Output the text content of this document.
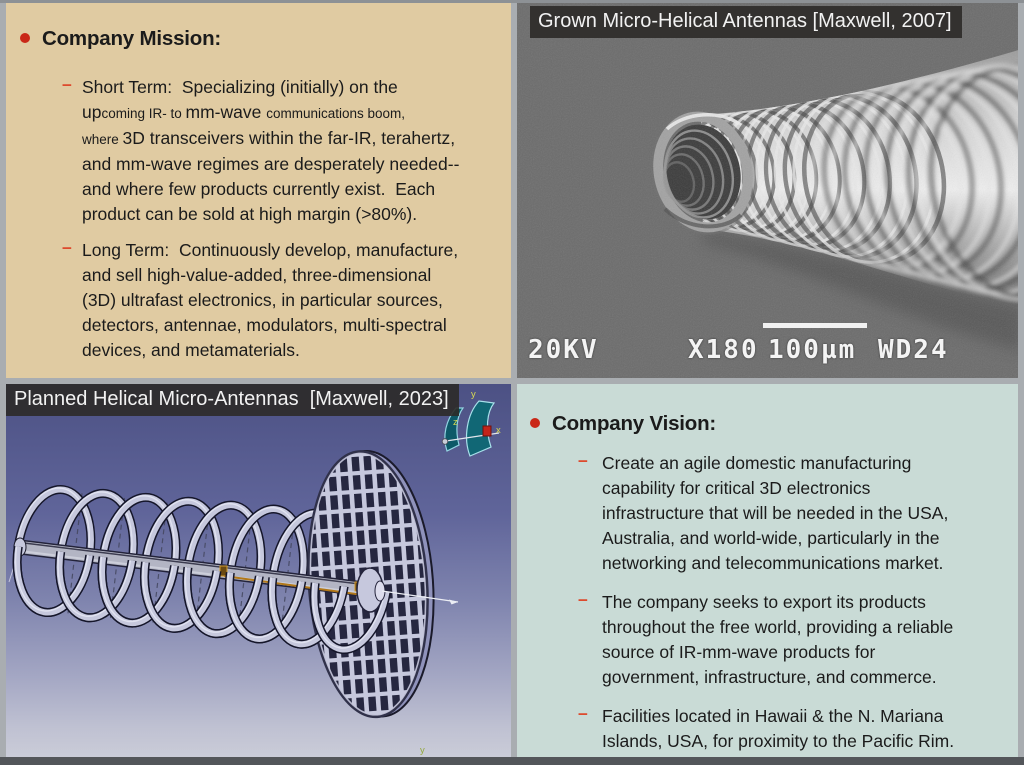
Company Mission:
– Short Term:  Specializing (initially) on the
upcoming IR- to mm-wave communications boom,
where 3D transceivers within the far-IR, terahertz,
and mm-wave regimes are desperately needed--
and where few products currently exist.  Each
product can be sold at high margin (>80%).
– Long Term:  Continuously develop, manufacture,
and sell high-value-added, three-dimensional
(3D) ultrafast electronics, in particular sources,
detectors, antennae, modulators, multi-spectral
devices, and metamaterials.
Grown Micro-Helical Antennas [Maxwell, 2007]
20KV	X180 100µm WD24
y
z
x
y
Planned Helical Micro-Antennas  [Maxwell, 2023]
Company Vision:
– Create an agile domestic manufacturing
capability for critical 3D electronics
infrastructure that will be needed in the USA,
Australia, and world-wide, particularly in the
networking and telecommunications market.
– The company seeks to export its products
throughout the free world, providing a reliable
source of IR-mm-wave products for
government, infrastructure, and commerce.
– Facilities located in Hawaii & the N. Mariana
Islands, USA, for proximity to the Pacific Rim.
